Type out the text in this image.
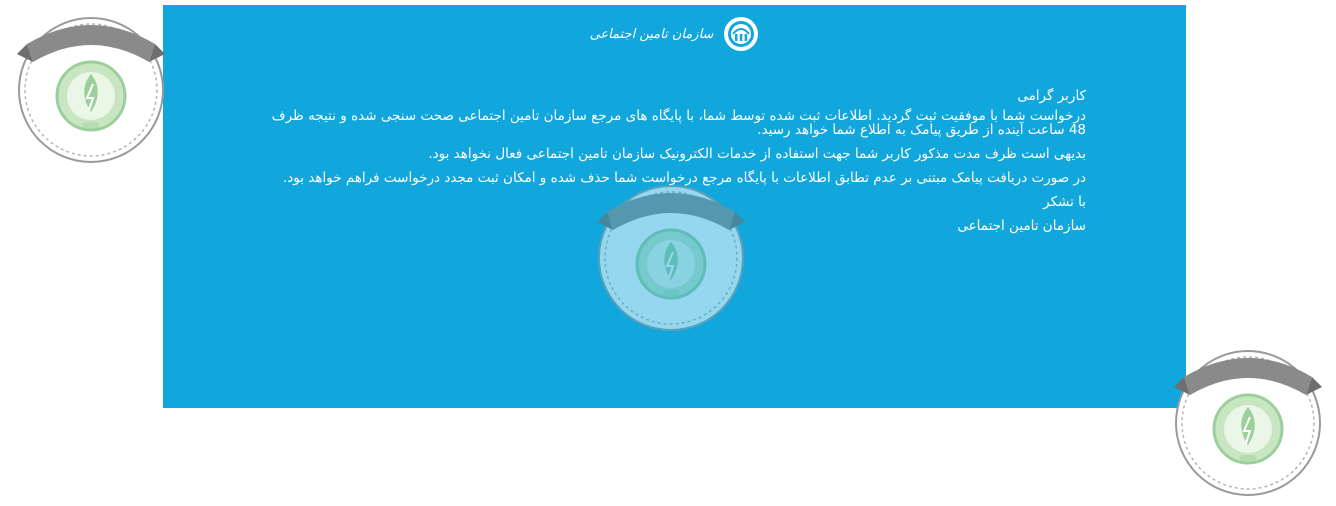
سازمان تامین اجتماعی

کاربر گرامی

درخواست شما با موفقیت ثبت گردید. اطلاعات ثبت شده توسط شما، با پایگاه های مرجع سازمان تامین اجتماعی صحت سنجی شده و نتیجه ظرف 48 ساعت آینده از طریق پیامک به اطلاع شما خواهد رسید.

بدیهی است ظرف مدت مذکور کاربر شما جهت استفاده از خدمات الکترونیک سازمان تامین اجتماعی فعال نخواهد بود.

در صورت دریافت پیامک مبتنی بر عدم تطابق اطلاعات با پایگاه مرجع درخواست شما حذف شده و امکان ثبت مجدد درخواست فراهم خواهد بود.

با تشکر

سازمان تامین اجتماعی
